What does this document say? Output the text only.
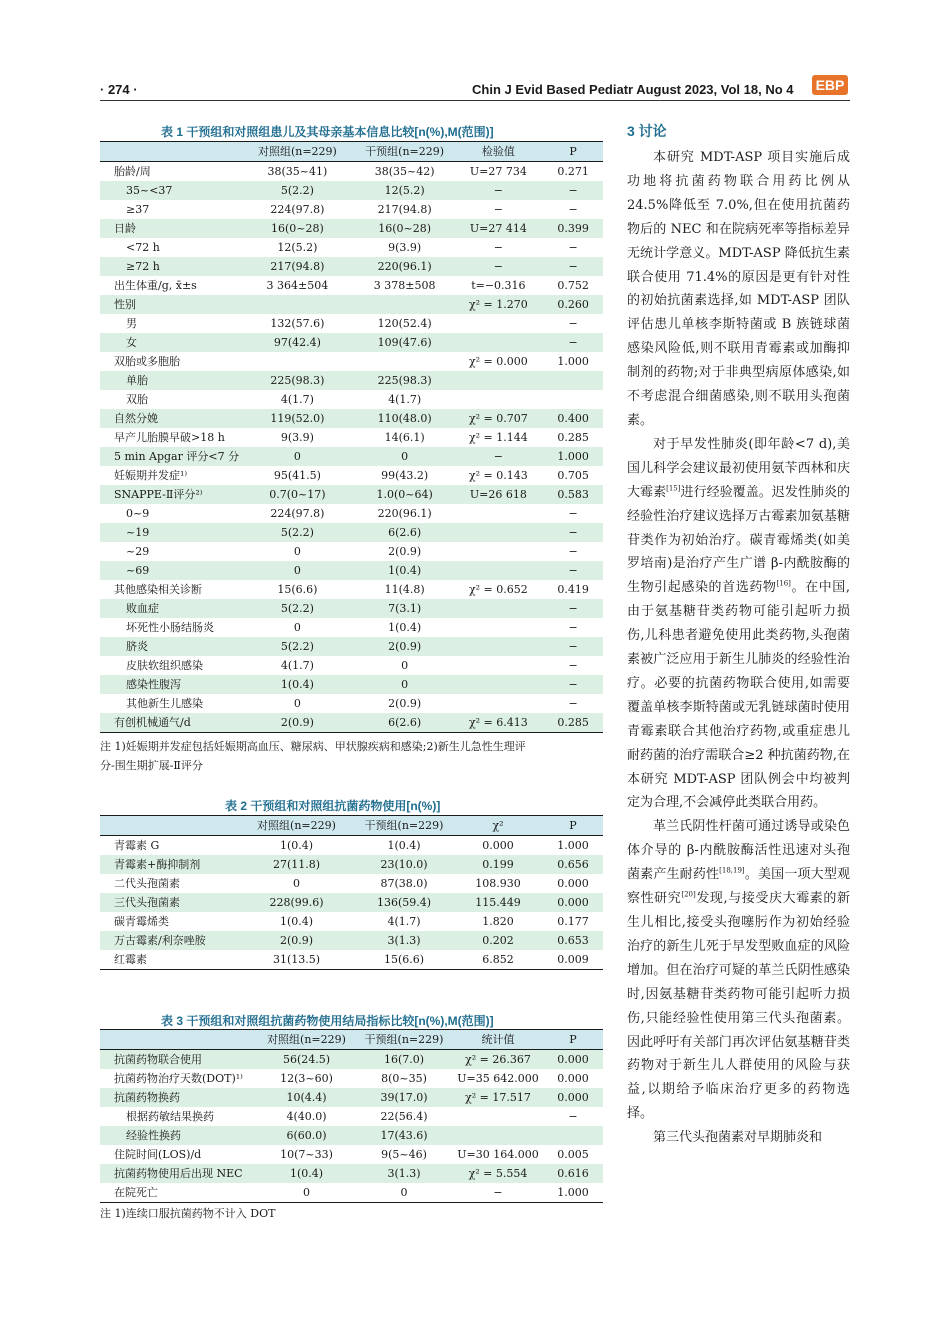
· 274 ·	Chin J Evid Based Pediatr August 2023, Vol 18, No 4 EBP
表 1 干预组和对照组患儿及其母亲基本信息比较[n(%),M(范围)]
	对照组(n=229)	干预组(n=229)	检验值	P
胎龄/周	38(35~41)	38(35~42)	U=27 734	0.271
35~<37	5(2.2)	12(5.2)	−	−
≥37	224(97.8)	217(94.8)	−	−
日龄	16(0~28)	16(0~28)	U=27 414	0.399
<72 h	12(5.2)	9(3.9)	−	−
≥72 h	217(94.8)	220(96.1)	−	−
出生体重/g, x̄±s	3 364±504	3 378±508	t=−0.316	0.752
性别			χ² = 1.270	0.260
男	132(57.6)	120(52.4)		−
女	97(42.4)	109(47.6)		−
双胎或多胞胎			χ² = 0.000	1.000
单胎	225(98.3)	225(98.3)		
双胎	4(1.7)	4(1.7)		
自然分娩	119(52.0)	110(48.0)	χ² = 0.707	0.400
早产儿胎膜早破>18 h	9(3.9)	14(6.1)	χ² = 1.144	0.285
5 min Apgar 评分<7 分	0	0	−	1.000
妊娠期并发症¹⁾	95(41.5)	99(43.2)	χ² = 0.143	0.705
SNAPPE-Ⅱ评分²⁾	0.7(0~17)	1.0(0~64)	U=26 618	0.583
0~9	224(97.8)	220(96.1)		−
~19	5(2.2)	6(2.6)		−
~29	0	2(0.9)		−
~69	0	1(0.4)		−
其他感染相关诊断	15(6.6)	11(4.8)	χ² = 0.652	0.419
败血症	5(2.2)	7(3.1)		−
坏死性小肠结肠炎	0	1(0.4)		−
脐炎	5(2.2)	2(0.9)		−
皮肤软组织感染	4(1.7)	0		−
感染性腹泻	1(0.4)	0		−
其他新生儿感染	0	2(0.9)		−
有创机械通气/d	2(0.9)	6(2.6)	χ² = 6.413	0.285
注 1)妊娠期并发症包括妊娠期高血压、糖尿病、甲状腺疾病和感染;2)新生儿急性生理评
分-围生期扩展-Ⅱ评分
表 2 干预组和对照组抗菌药物使用[n(%)]
	对照组(n=229)	干预组(n=229)	χ²	P
青霉素 G	1(0.4)	1(0.4)	0.000	1.000
青霉素+酶抑制剂	27(11.8)	23(10.0)	0.199	0.656
二代头孢菌素	0	87(38.0)	108.930	0.000
三代头孢菌素	228(99.6)	136(59.4)	115.449	0.000
碳青霉烯类	1(0.4)	4(1.7)	1.820	0.177
万古霉素/利奈唑胺	2(0.9)	3(1.3)	0.202	0.653
红霉素	31(13.5)	15(6.6)	6.852	0.009
表 3 干预组和对照组抗菌药物使用结局指标比较[n(%),M(范围)]
	对照组(n=229)	干预组(n=229)	统计值	P
抗菌药物联合使用	56(24.5)	16(7.0)	χ² = 26.367	0.000
抗菌药物治疗天数(DOT)¹⁾	12(3~60)	8(0~35)	U=35 642.000	0.000
抗菌药物换药	10(4.4)	39(17.0)	χ² = 17.517	0.000
根据药敏结果换药	4(40.0)	22(56.4)		−
经验性换药	6(60.0)	17(43.6)		
住院时间(LOS)/d	10(7~33)	9(5~46)	U=30 164.000	0.005
抗菌药物使用后出现 NEC	1(0.4)	3(1.3)	χ² = 5.554	0.616
在院死亡	0	0	−	1.000
注 1)连续口服抗菌药物不计入 DOT
3 讨论

本研究 MDT-ASP 项目实施后成功地将抗菌药物联合用药比例从 24.5%降低至 7.0%,但在使用抗菌药物后的 NEC 和在院病死率等指标差异无统计学意义。MDT-ASP 降低抗生素联合使用 71.4%的原因是更有针对性的初始抗菌素选择,如 MDT-ASP 团队评估患儿单核李斯特菌或 B 族链球菌感染风险低,则不联用青霉素或加酶抑制剂的药物;对于非典型病原体感染,如不考虑混合细菌感染,则不联用头孢菌素。

对于早发性肺炎(即年龄<7 d),美国儿科学会建议最初使用氨苄西林和庆大霉素[15]进行经验覆盖。迟发性肺炎的经验性治疗建议选择万古霉素加氨基糖苷类作为初始治疗。碳青霉烯类(如美罗培南)是治疗产生广谱 β-内酰胺酶的生物引起感染的首选药物[16]。在中国,由于氨基糖苷类药物可能引起听力损伤,儿科患者避免使用此类药物,头孢菌素被广泛应用于新生儿肺炎的经验性治疗。必要的抗菌药物联合使用,如需要覆盖单核李斯特菌或无乳链球菌时使用青霉素联合其他治疗药物,或重症患儿耐药菌的治疗需联合≥2 种抗菌药物,在本研究 MDT-ASP 团队例会中均被判定为合理,不会减停此类联合用药。

革兰氏阴性杆菌可通过诱导或染色体介导的 β-内酰胺酶活性迅速对头孢菌素产生耐药性[18,19]。美国一项大型观察性研究[20]发现,与接受庆大霉素的新生儿相比,接受头孢噻肟作为初始经验治疗的新生儿死于早发型败血症的风险增加。但在治疗可疑的革兰氏阴性感染时,因氨基糖苷类药物可能引起听力损伤,只能经验性使用第三代头孢菌素。因此呼吁有关部门再次评估氨基糖苷类药物对于新生儿人群使用的风险与获益,以期给予临床治疗更多的药物选择。

第三代头孢菌素对早期肺炎和
